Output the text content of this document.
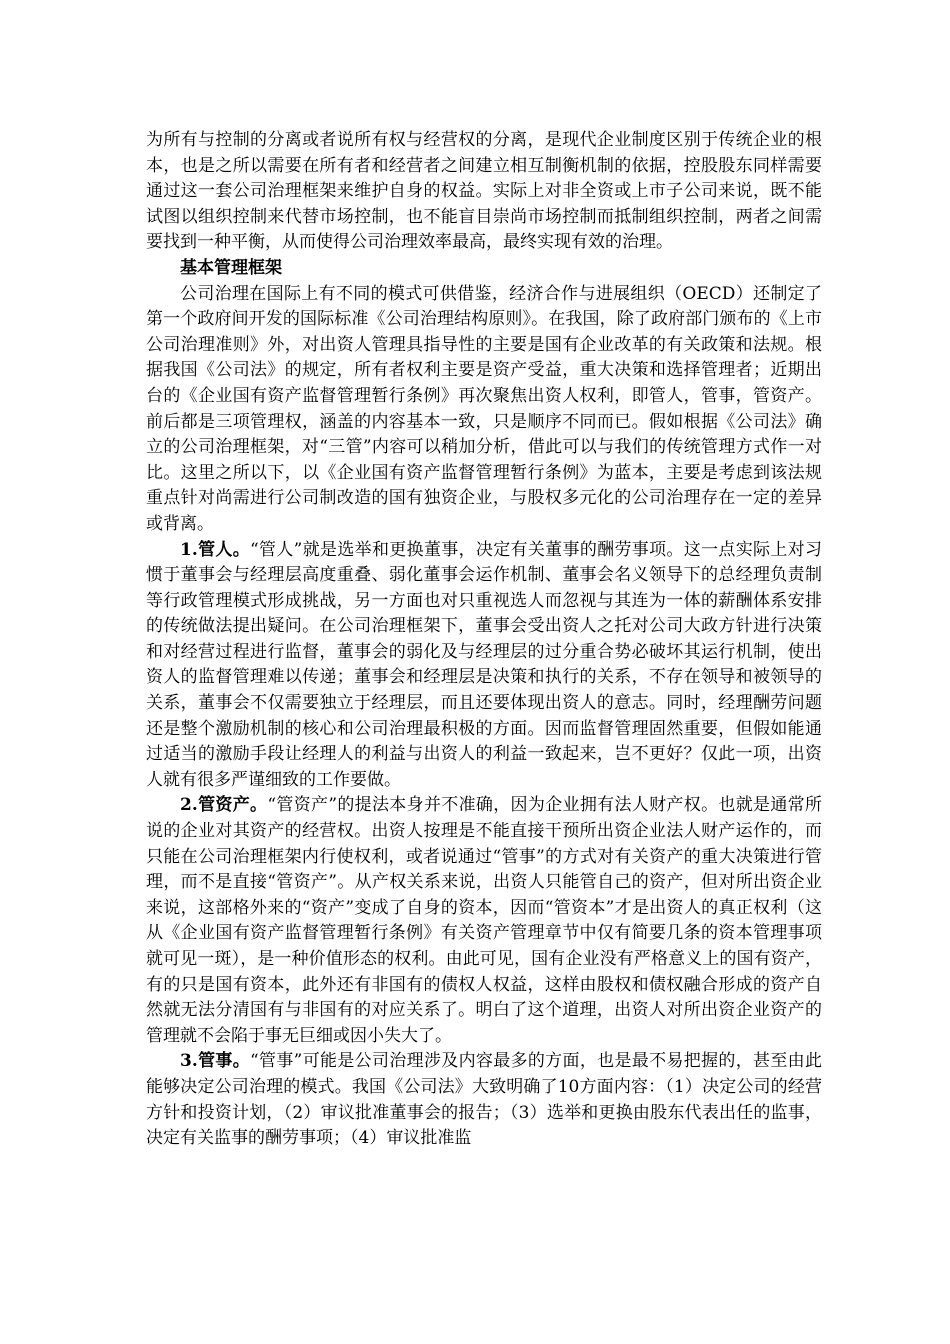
为所有与控制的分离或者说所有权与经营权的分离，是现代企业制度区别于传统企业的根本，也是之所以需要在所有者和经营者之间建立相互制衡机制的依据，控股股东同样需要通过这一套公司治理框架来维护自身的权益。实际上对非全资或上市子公司来说，既不能试图以组织控制来代替市场控制，也不能盲目崇尚市场控制而抵制组织控制，两者之间需要找到一种平衡，从而使得公司治理效率最高，最终实现有效的治理。

基本管理框架

公司治理在国际上有不同的模式可供借鉴，经济合作与进展组织（OECD）还制定了第一个政府间开发的国际标准《公司治理结构原则》。在我国，除了政府部门颁布的《上市公司治理准则》外，对出资人管理具指导性的主要是国有企业改革的有关政策和法规。根据我国《公司法》的规定，所有者权利主要是资产受益，重大决策和选择管理者；近期出台的《企业国有资产监督管理暂行条例》再次聚焦出资人权利，即管人，管事，管资产。前后都是三项管理权，涵盖的内容基本一致，只是顺序不同而已。假如根据《公司法》确立的公司治理框架，对“三管”内容可以稍加分析，借此可以与我们的传统管理方式作一对比。这里之所以下，以《企业国有资产监督管理暂行条例》为蓝本，主要是考虑到该法规重点针对尚需进行公司制改造的国有独资企业，与股权多元化的公司治理存在一定的差异或背离。

1.管人。“管人”就是选举和更换董事，决定有关董事的酬劳事项。这一点实际上对习惯于董事会与经理层高度重叠、弱化董事会运作机制、董事会名义领导下的总经理负责制等行政管理模式形成挑战，另一方面也对只重视选人而忽视与其连为一体的薪酬体系安排的传统做法提出疑问。在公司治理框架下，董事会受出资人之托对公司大政方针进行决策和对经营过程进行监督，董事会的弱化及与经理层的过分重合势必破坏其运行机制，使出资人的监督管理难以传递；董事会和经理层是决策和执行的关系，不存在领导和被领导的关系，董事会不仅需要独立于经理层，而且还要体现出资人的意志。同时，经理酬劳问题还是整个激励机制的核心和公司治理最积极的方面。因而监督管理固然重要，但假如能通过适当的激励手段让经理人的利益与出资人的利益一致起来，岂不更好？仅此一项，出资人就有很多严谨细致的工作要做。

2.管资产。“管资产”的提法本身并不准确，因为企业拥有法人财产权。也就是通常所说的企业对其资产的经营权。出资人按理是不能直接干预所出资企业法人财产运作的，而只能在公司治理框架内行使权利，或者说通过“管事”的方式对有关资产的重大决策进行管理，而不是直接“管资产”。从产权关系来说，出资人只能管自己的资产，但对所出资企业来说，这部格外来的“资产”变成了自身的资本，因而“管资本”才是出资人的真正权利（这从《企业国有资产监督管理暂行条例》有关资产管理章节中仅有简要几条的资本管理事项就可见一斑），是一种价值形态的权利。由此可见，国有企业没有严格意义上的国有资产，有的只是国有资本，此外还有非国有的债权人权益，这样由股权和债权融合形成的资产自然就无法分清国有与非国有的对应关系了。明白了这个道理，出资人对所出资企业资产的管理就不会陷于事无巨细或因小失大了。

3.管事。“管事”可能是公司治理涉及内容最多的方面，也是最不易把握的，甚至由此能够决定公司治理的模式。我国《公司法》大致明确了10方面内容：（1）决定公司的经营方针和投资计划，（2）审议批准董事会的报告；（3）选举和更换由股东代表出任的监事，决定有关监事的酬劳事项；（4）审议批准监
